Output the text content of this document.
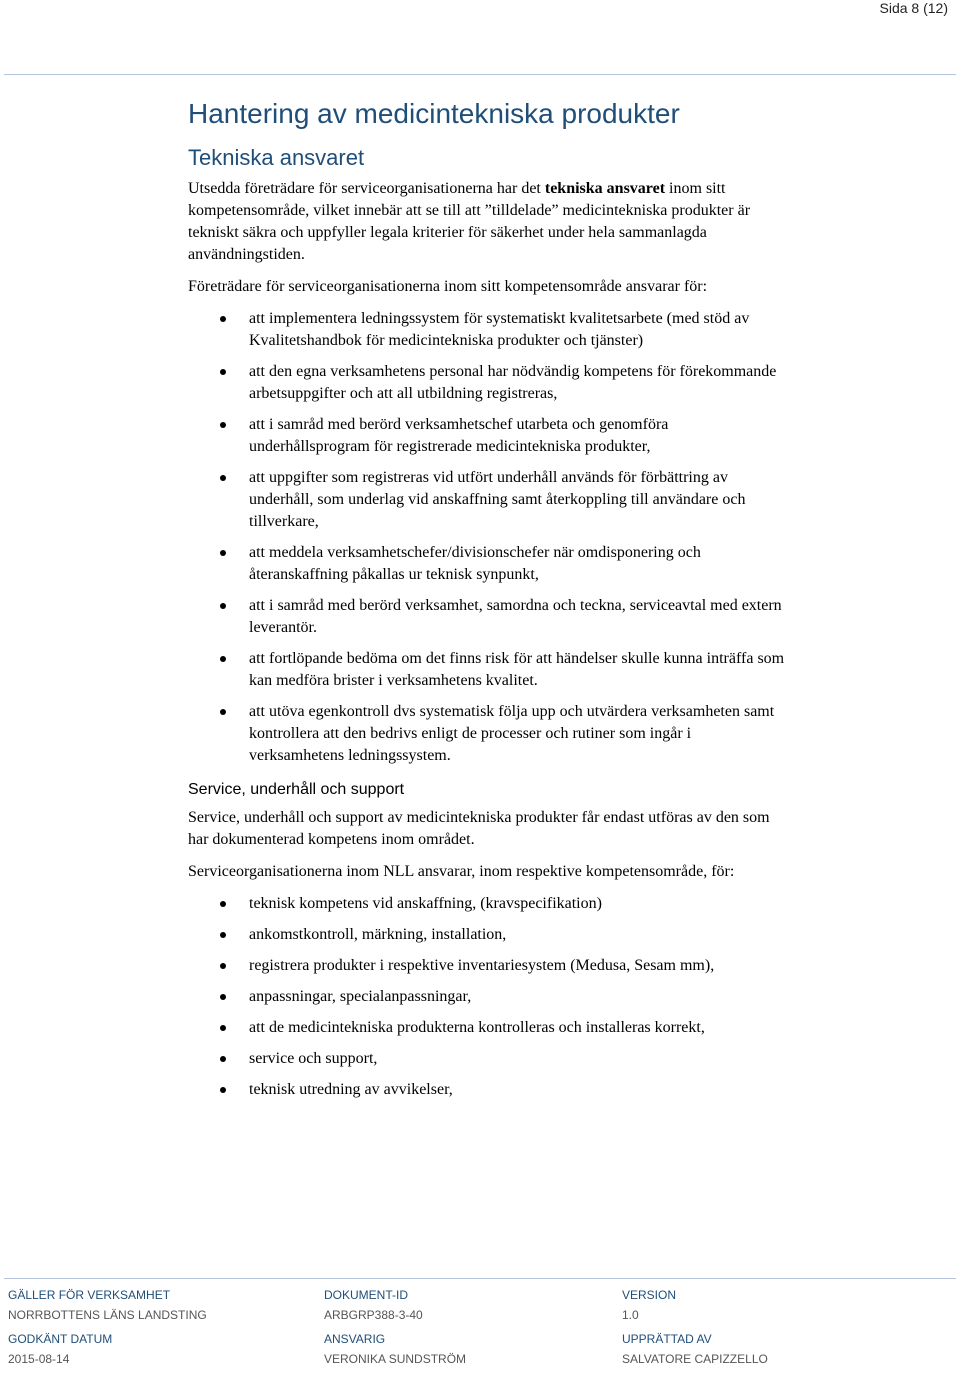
Sida 8 (12)
Hantering av medicintekniska produkter
Tekniska ansvaret

Utsedda företrädare för serviceorganisationerna har det tekniska ansvaret inom sitt kompetensområde, vilket innebär att se till att ”tilldelade” medicintekniska produkter är tekniskt säkra och uppfyller legala kriterier för säkerhet under hela sammanlagda användningstiden.

Företrädare för serviceorganisationerna inom sitt kompetensområde ansvarar för:

att implementera ledningssystem för systematiskt kvalitetsarbete (med stöd av Kvalitetshandbok för medicintekniska produkter och tjänster)
att den egna verksamhetens personal har nödvändig kompetens för förekommande arbetsuppgifter och att all utbildning registreras,
att i samråd med berörd verksamhetschef utarbeta och genomföra underhållsprogram för registrerade medicintekniska produkter,
att uppgifter som registreras vid utfört underhåll används för förbättring av underhåll, som underlag vid anskaffning samt återkoppling till användare och tillverkare,
att meddela verksamhetschefer/divisionschefer när omdisponering och återanskaffning påkallas ur teknisk synpunkt,
att i samråd med berörd verksamhet, samordna och teckna, serviceavtal med extern leverantör.
att fortlöpande bedöma om det finns risk för att händelser skulle kunna inträffa som kan medföra brister i verksamhetens kvalitet.
att utöva egenkontroll dvs systematisk följa upp och utvärdera verksamheten samt kontrollera att den bedrivs enligt de processer och rutiner som ingår i verksamhetens ledningssystem.
Service, underhåll och support

Service, underhåll och support av medicintekniska produkter får endast utföras av den som har dokumenterad kompetens inom området.

Serviceorganisationerna inom NLL ansvarar, inom respektive kompetensområde, för:

teknisk kompetens vid anskaffning, (kravspecifikation)
ankomstkontroll, märkning, installation,
registrera produkter i respektive inventariesystem (Medusa, Sesam mm),
anpassningar, specialanpassningar,
att de medicintekniska produkterna kontrolleras och installeras korrekt,
service och support,
teknisk utredning av avvikelser,
GÄLLER FÖR VERKSAMHET
NORRBOTTENS LÄNS LANDSTING
DOKUMENT-ID
ARBGRP388-3-40
VERSION
1.0
GODKÄNT DATUM
2015-08-14
ANSVARIG
VERONIKA SUNDSTRÖM
UPPRÄTTAD AV
SALVATORE CAPIZZELLO
